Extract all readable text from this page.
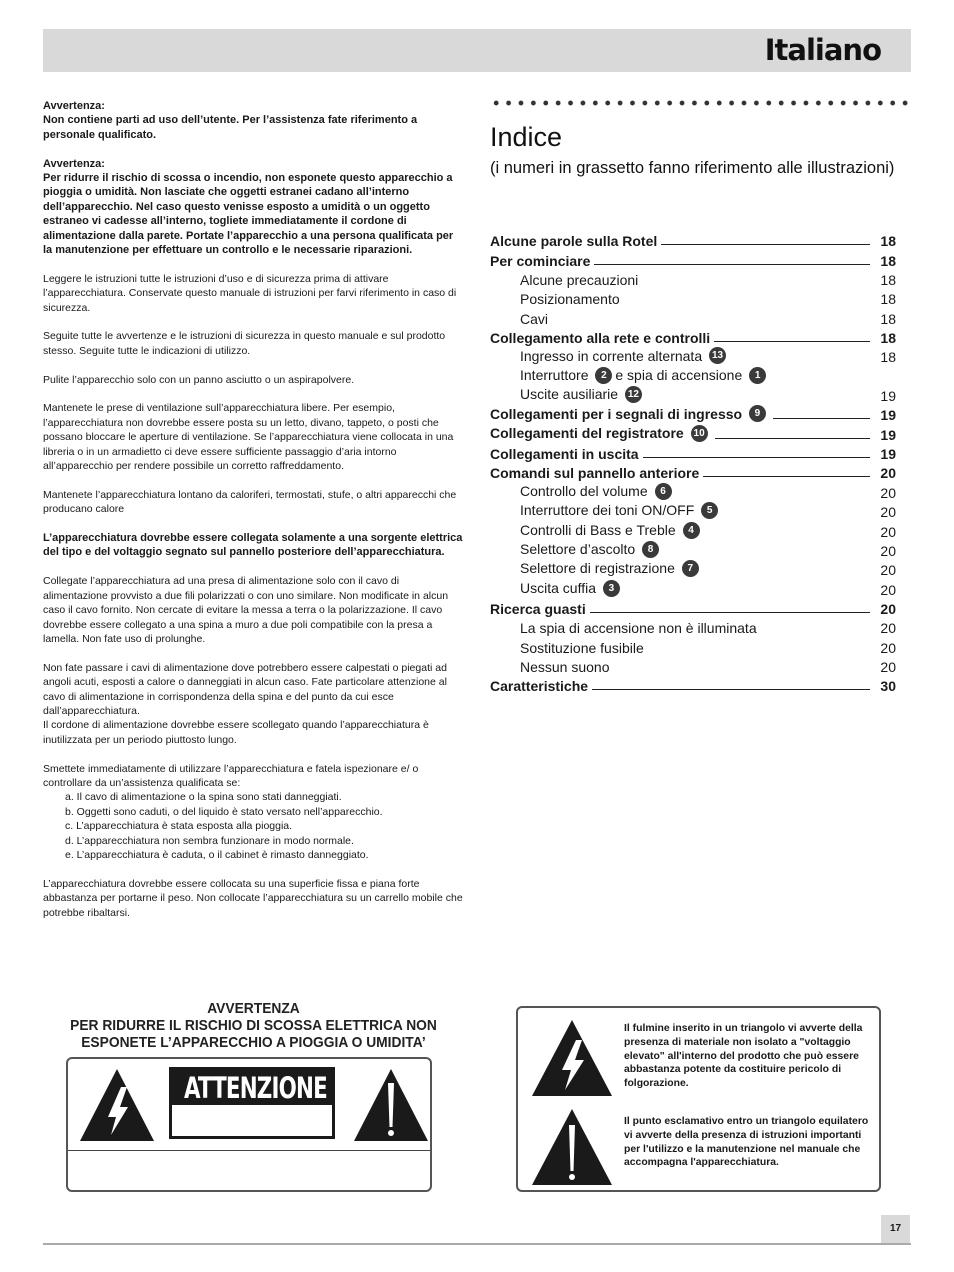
Italiano

Avvertenza:
Non contiene parti ad uso dell’utente. Per l’assistenza fate riferimento a personale qualificato.

Avvertenza:
Per ridurre il rischio di scossa o incendio, non esponete questo apparecchio a pioggia o umidità. Non lasciate che oggetti estranei cadano all’interno dell’apparecchio. Nel caso questo venisse esposto a umidità o un oggetto estraneo vi cadesse all’interno, togliete immediatamente il cordone di alimentazione dalla parete. Portate l’apparecchio a una persona qualificata per la manutenzione per effettuare un controllo e le necessarie riparazioni.

Leggere le istruzioni tutte le istruzioni d’uso e di sicurezza prima di attivare l’apparecchiatura. Conservate questo manuale di istruzioni per farvi riferimento in caso di sicurezza.

Seguite tutte le avvertenze e le istruzioni di sicurezza in questo manuale e sul prodotto stesso. Seguite tutte le indicazioni di utilizzo.

Pulite l’apparecchio solo con un panno asciutto o un aspirapolvere.

Mantenete le prese di ventilazione sull’apparecchiatura libere. Per esempio, l’apparecchiatura non dovrebbe essere posta su un letto, divano, tappeto, o posti che possano bloccare le aperture di ventilazione. Se l’apparecchiatura viene collocata in una libreria o in un armadietto ci deve essere sufficiente passaggio d’aria intorno all’apparecchio per rendere possibile un corretto raffreddamento.

Mantenete l’apparecchiatura lontano da caloriferi, termostati, stufe, o altri apparecchi che producano calore

L’apparecchiatura dovrebbe essere collegata solamente a una sorgente elettrica del tipo e del voltaggio segnato sul pannello posteriore dell’apparecchiatura.

Collegate l’apparecchiatura ad una presa di alimentazione solo con il cavo di alimentazione provvisto a due fili polarizzati o con uno similare. Non modificate in alcun caso il cavo fornito. Non cercate di evitare la messa a terra o la polarizzazione. Il cavo dovrebbe essere collegato a una spina a muro a due poli compatibile con la presa a lamella. Non fate uso di prolunghe.

Non fate passare i cavi di alimentazione dove potrebbero essere calpestati o piegati ad angoli acuti, esposti a calore o danneggiati in alcun caso. Fate particolare attenzione al cavo di alimentazione in corrispondenza della spina e del punto da cui esce dall’apparecchiatura.

Il cordone di alimentazione dovrebbe essere scollegato quando l’apparecchiatura è inutilizzata per un periodo piuttosto lungo.

Smettete immediatamente di utilizzare l’apparecchiatura e fatela ispezionare e/ o controllare da un’assistenza qualificata se:

a. Il cavo di alimentazione o la spina sono stati danneggiati.
b. Oggetti sono caduti, o del liquido è stato versato nell’apparecchio.
c. L’apparecchiatura è stata esposta alla pioggia.
d. L’apparecchiatura non sembra funzionare in modo normale.
e. L’apparecchiatura è caduta, o il cabinet è rimasto danneggiato.

L’apparecchiatura dovrebbe essere collocata su una superficie fissa e piana forte abbastanza per portarne il peso. Non collocate l’apparecchiatura su un carrello mobile che potrebbe ribaltarsi.

Indice
(i numeri in grassetto fanno riferimento alle illustrazioni)
Alcune parole sulla Rotel	18
Per cominciare	18
Alcune precauzioni	18
Posizionamento	18
Cavi	18
Collegamento alla rete e controlli	18
Ingresso in corrente alternata 13	18
Interruttore 2 e spia di accensione 1
Uscite ausiliarie 12	19
Collegamenti per i segnali di ingresso 9	19
Collegamenti del registratore 10	19
Collegamenti in uscita	19
Comandi sul pannello anteriore	20
Controllo del volume 6	20
Interruttore dei toni ON/OFF 5	20
Controlli di Bass e Treble 4	20
Selettore d’ascolto 8	20
Selettore di registrazione 7	20
Uscita cuffia 3	20
Ricerca guasti	20
La spia di accensione non è illuminata	20
Sostituzione fusibile	20
Nessun suono	20
Caratteristiche	30
AVVERTENZA
PER RIDURRE IL RISCHIO DI SCOSSA ELETTRICA NON
ESPONETE L’APPARECCHIO A PIOGGIA O UMIDITA’
ATTENZIONE
Il fulmine inserito in un triangolo vi avverte della presenza di materiale non isolato a "voltaggio elevato" all'interno del prodotto che può essere abbastanza potente da costituire pericolo di folgorazione.
Il punto esclamativo entro un triangolo equilatero vi avverte della presenza di istruzioni importanti per l'utilizzo e la manutenzione nel manuale che accompagna l'apparecchiatura.
17
